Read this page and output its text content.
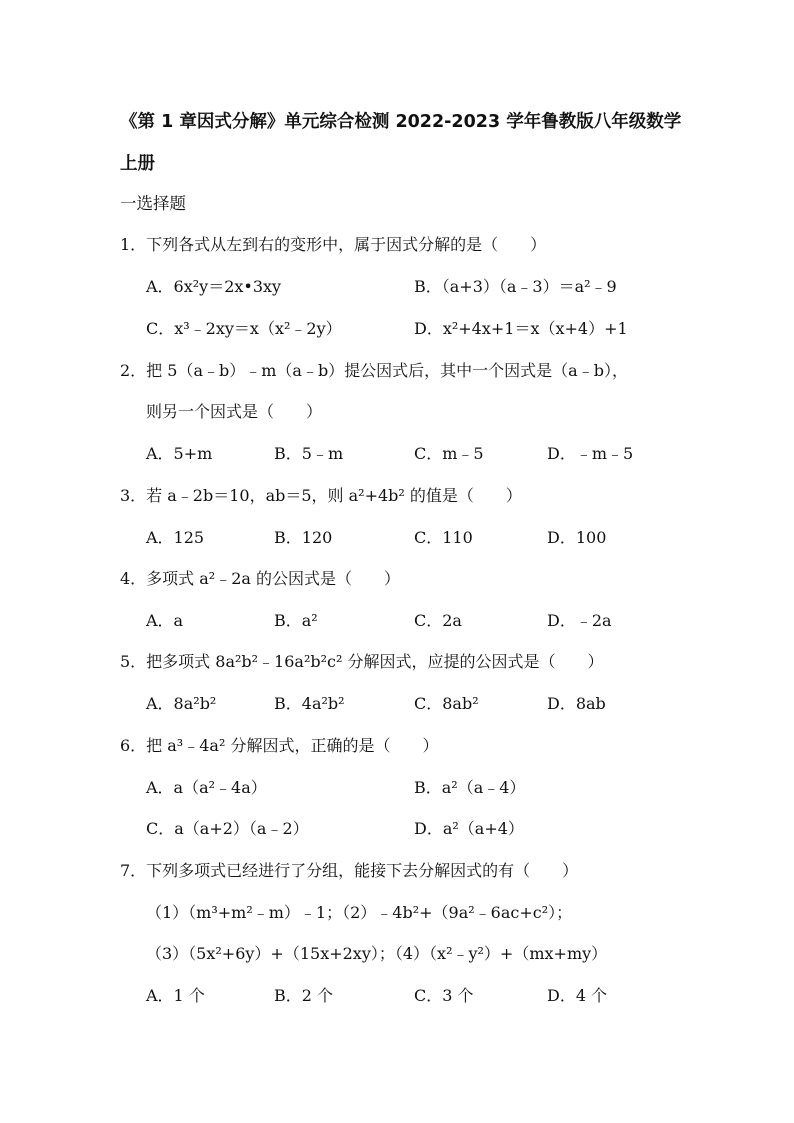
《第 1 章因式分解》单元综合检测 2022-2023 学年鲁教版八年级数学
上册
一选择题
1．下列各式从左到右的变形中，属于因式分解的是（　　）
A．6x²y＝2x•3xy	B．（a+3）（a﹣3）＝a²﹣9
C．x³﹣2xy＝x（x²﹣2y）	D．x²+4x+1＝x（x+4）+1
2．把 5（a﹣b）﹣m（a﹣b）提公因式后，其中一个因式是（a﹣b），
则另一个因式是（　　）
A．5+m	B．5﹣m	C．m﹣5	D．﹣m﹣5
3．若 a﹣2b＝10，ab＝5，则 a²+4b² 的值是（　　）
A．125	B．120	C．110	D．100
4．多项式 a²﹣2a 的公因式是（　　）
A．a	B．a²	C．2a	D．﹣2a
5．把多项式 8a²b²﹣16a²b²c² 分解因式，应提的公因式是（　　）
A．8a²b²	B．4a²b²	C．8ab²	D．8ab
6．把 a³﹣4a² 分解因式，正确的是（　　）
A．a（a²﹣4a）	B．a²（a﹣4）
C．a（a+2）（a﹣2）	D．a²（a+4）
7．下列多项式已经进行了分组，能接下去分解因式的有（　　）
（1）（m³+m²﹣m）﹣1；（2）﹣4b²+（9a²﹣6ac+c²）；
（3）（5x²+6y）+（15x+2xy）；（4）（x²﹣y²）+（mx+my）
A．1 个	B．2 个	C．3 个	D．4 个
